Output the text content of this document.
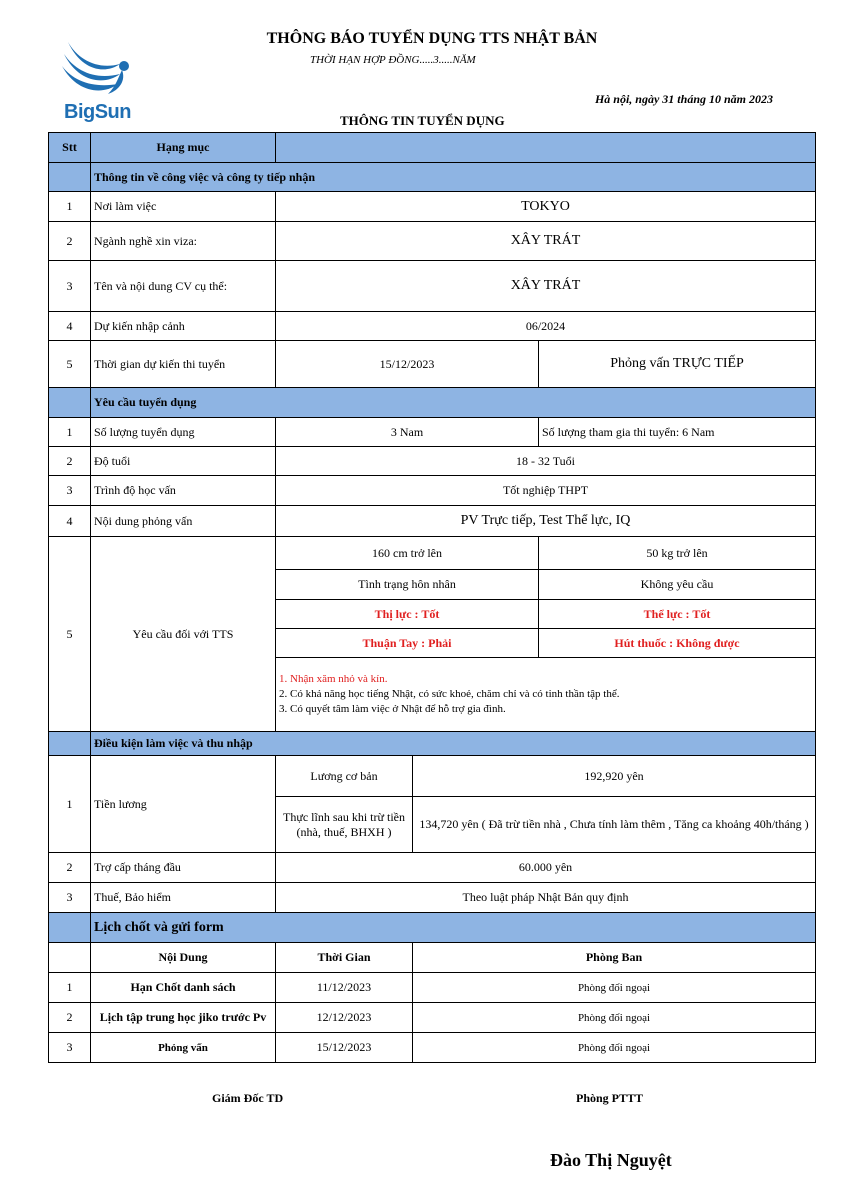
BigSun
THÔNG BÁO TUYỂN DỤNG TTS NHẬT BẢN
THỜI HẠN HỢP ĐỒNG.....3.....NĂM
Hà nội, ngày 31 tháng 10 năm 2023
THÔNG TIN TUYỂN DỤNG
Stt	Hạng mục			
	Thông tin về công việc và công ty tiếp nhận			
1	Nơi làm việc	TOKYO		
2	Ngành nghề xin viza:	XÂY TRÁT		
3	Tên và nội dung CV cụ thể:	XÂY TRÁT		
4	Dự kiến nhập cảnh	06/2024		
5	Thời gian dự kiến thi tuyển	15/12/2023		Phỏng vấn TRỰC TIẾP
	Yêu cầu tuyển dụng			
1	Số lượng tuyển dụng	3 Nam		Số lượng tham gia thi tuyển: 6 Nam
2	Độ tuổi	18 - 32 Tuổi		
3	Trình độ học vấn	Tốt nghiệp THPT		
4	Nội dung phỏng vấn	PV Trực tiếp, Test Thể lực, IQ		
5	Yêu cầu đối với TTS	160 cm trở lên		50 kg trở lên
		Tình trạng hôn nhân		Không yêu cầu
		Thị lực : Tốt		Thể lực : Tốt
		Thuận Tay : Phải		Hút thuốc : Không được

		1. Nhận xăm nhỏ và kín.
2. Có khả năng học tiếng Nhật, có sức khoẻ, chăm chỉ và có tinh thần tập thể.
3. Có quyết tâm làm việc ở Nhật để hỗ trợ gia đình.		

	Điều kiện làm việc và thu nhập			
1	Tiền lương	Lương cơ bản	192,920 yên	
		Thực lĩnh sau khi trừ tiền (nhà, thuế, BHXH )	134,720 yên ( Đã trừ tiền nhà , Chưa tính làm thêm , Tăng ca khoảng 40h/tháng )	
2	Trợ cấp tháng đầu	60.000 yên		
3	Thuế, Bảo hiểm	Theo luật pháp Nhật Bản quy định		
	Lịch chốt và gửi form			
	Nội Dung	Thời Gian	Phòng Ban	
1	Hạn Chốt danh sách	11/12/2023	Phòng đối ngoại	
2	Lịch tập trung học jiko trước Pv	12/12/2023	Phòng đối ngoại	
3	Phỏng vấn	15/12/2023	Phòng đối ngoại	
Giám Đốc TD	Phòng PTTT
Đào Thị Nguyệt
